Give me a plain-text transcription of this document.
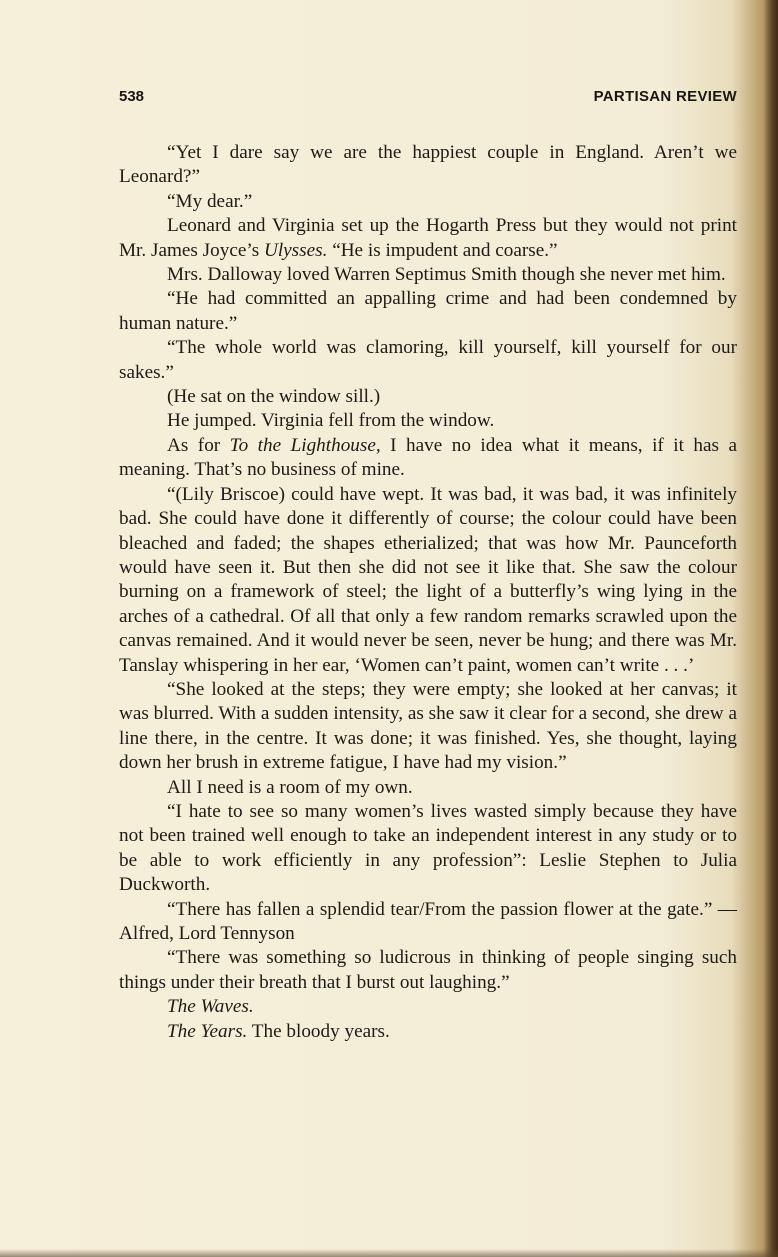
538	PARTISAN REVIEW

“Yet I dare say we are the happiest couple in England. Aren’t we Leonard?”

“My dear.”

Leonard and Virginia set up the Hogarth Press but they would not print Mr. James Joyce’s Ulysses. “He is impudent and coarse.”

Mrs. Dalloway loved Warren Septimus Smith though she never met him.

“He had committed an appalling crime and had been condemned by human nature.”

“The whole world was clamoring, kill yourself, kill yourself for our sakes.”

(He sat on the window sill.)

He jumped. Virginia fell from the window.

As for To the Lighthouse, I have no idea what it means, if it has a meaning. That’s no business of mine.

“(Lily Briscoe) could have wept. It was bad, it was bad, it was infinitely bad. She could have done it differently of course; the colour could have been bleached and faded; the shapes etherialized; that was how Mr. Paunceforth would have seen it. But then she did not see it like that. She saw the colour burning on a framework of steel; the light of a butterfly’s wing lying in the arches of a cathedral. Of all that only a few random remarks scrawled upon the canvas remained. And it would never be seen, never be hung; and there was Mr. Tanslay whispering in her ear, ‘Women can’t paint, women can’t write . . .’

“She looked at the steps; they were empty; she looked at her canvas; it was blurred. With a sudden intensity, as she saw it clear for a second, she drew a line there, in the centre. It was done; it was finished. Yes, she thought, laying down her brush in extreme fatigue, I have had my vision.”

All I need is a room of my own.

“I hate to see so many women’s lives wasted simply because they have not been trained well enough to take an independent interest in any study or to be able to work efficiently in any profession”: Leslie Stephen to Julia Duckworth.

“There has fallen a splendid tear/From the passion flower at the gate.” —Alfred, Lord Tennyson

“There was something so ludicrous in thinking of people singing such things under their breath that I burst out laughing.”

The Waves.

The Years. The bloody years.
